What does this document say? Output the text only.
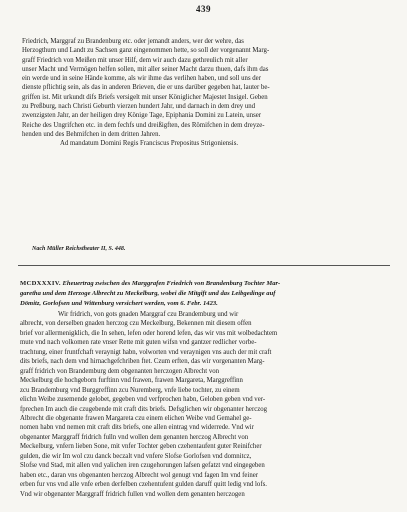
439
Friedrich, Marggraf zu Brandenburg etc. oder jemandt anders, wer der wehre, das
Herzogthum und Landt zu Sachsen ganz eingenommen hette, so soll der vorgenannt Marg-
graff Friedrich von Meißen mit unser Hilf, dem wir auch dazu gethreulich mit aller
unser Macht und Vermögen helfen sollen, mit aller seiner Macht darzu thuen, dafs ihm das
ein werde und in seine Hände komme, als wir ihme das verlihen haben, und soll uns der
dienste pflichtig sein, als das in anderen Brieven, die er uns darüber gegeben hat, lauter be-
griffen ist. Mit urkundt difs Briefs versigelt mit unser Königlicher Majestet Insigel. Geben
zu Preßburg, nach Christi Geburth vierzen hundert Jahr, und darnach in dem drey und
zwenzigsten Jahr, an der heiligen drey Könige Tage, Epiphania Domini zu Latein, unser
Reiche des Ungrifchen etc. in dem fechfs und dreißigften, des Römifchen in dem dreyze-
henden und des Behmifchen in dem dritten Jahren.
Ad mandatum Domini Regis Franciscus Prepositus Strigoniensis.
Nach Müller Reichstheater II, S. 448.
MCDXXXIV. Eheuertrag zwischen des Marggrafen Friedrich von Brandenburg Tochter Mar-
garetha und dem Herzoge Albrecht zu Meckelburg, wobei die Mitgift und das Leibgedinge auf
Dömitz, Gorlofsen und Wittenburg versichert werden, vom 6. Febr. 1423.
Wir fridrich, von gots gnaden Marggraf czu Brandemburg und wir
albrecht, von derselben gnaden herczog czu Meckelburg, Bekennen mit diesem offen
brief vor allermenigklich, die In sehen, lefen oder horend lefen, das wir vns mit wolbedachtem
mute vnd nach volkomen rate vnser Rette mit guten wifsn vnd gantzer redlicher vorbe-
trachtung, einer fruntfchaft veraynigt habn, volworten vnd veraynigen vns auch der mit craft
dits briefs, nach dem vnd hirnachgefchriben ftet. Czum erften, das wir vorgenanten Marg-
graff fridrich von Brandemburg dem obgenanten herczogen Albrecht von
Meckelburg die hochgeborn furftinn vnd frawen, frawen Margareta, Marggreffinn
zcu Brandemburg vnd Burggreffinn zcu Nuremberg, vnfe liebe tochter, zu einem
elichn Weibe zusemende gelobet, gegeben vnd verfprochen habn, Geloben geben vnd ver-
fprechen Im auch die czugebende mit craft dits briefs. Defsglichen wir obgenanter herczog
Albrecht die obgenante frawen Margareta czu einem elichen Weibe vnd Gemahel ge-
nomen habn vnd nemen mit craft dits briefs, one allen eintrag vnd widerrede. Vnd wir
obgenanter Marggraff fridrich fulln vnd wollen dem genanten herczog Albrecht von
Meckelburg, vnfern lieben Sone, mit vnfer Tochter geben czehentaufent guter Reinifcher
gulden, die wir Im wol czu danck beczalt vnd vnfere Slofse Gorlofsen vnd domnitcz,
Slofse vnd Stad, mit allen vnd yalichen iren czugehorungen lafsen gefatzt vnd eingegeben
haben etc., daran vns obgenanten herczog Albrecht wol genugt vnd fagen Im vnd feiner
erben fur vns vnd alle vnfe erben derfelben czehentufent gulden daruff quitt ledig vnd lofs.
Vnd wir obgenanter Marggraff fridrich fullen vnd wollen dem genanten herczogen
